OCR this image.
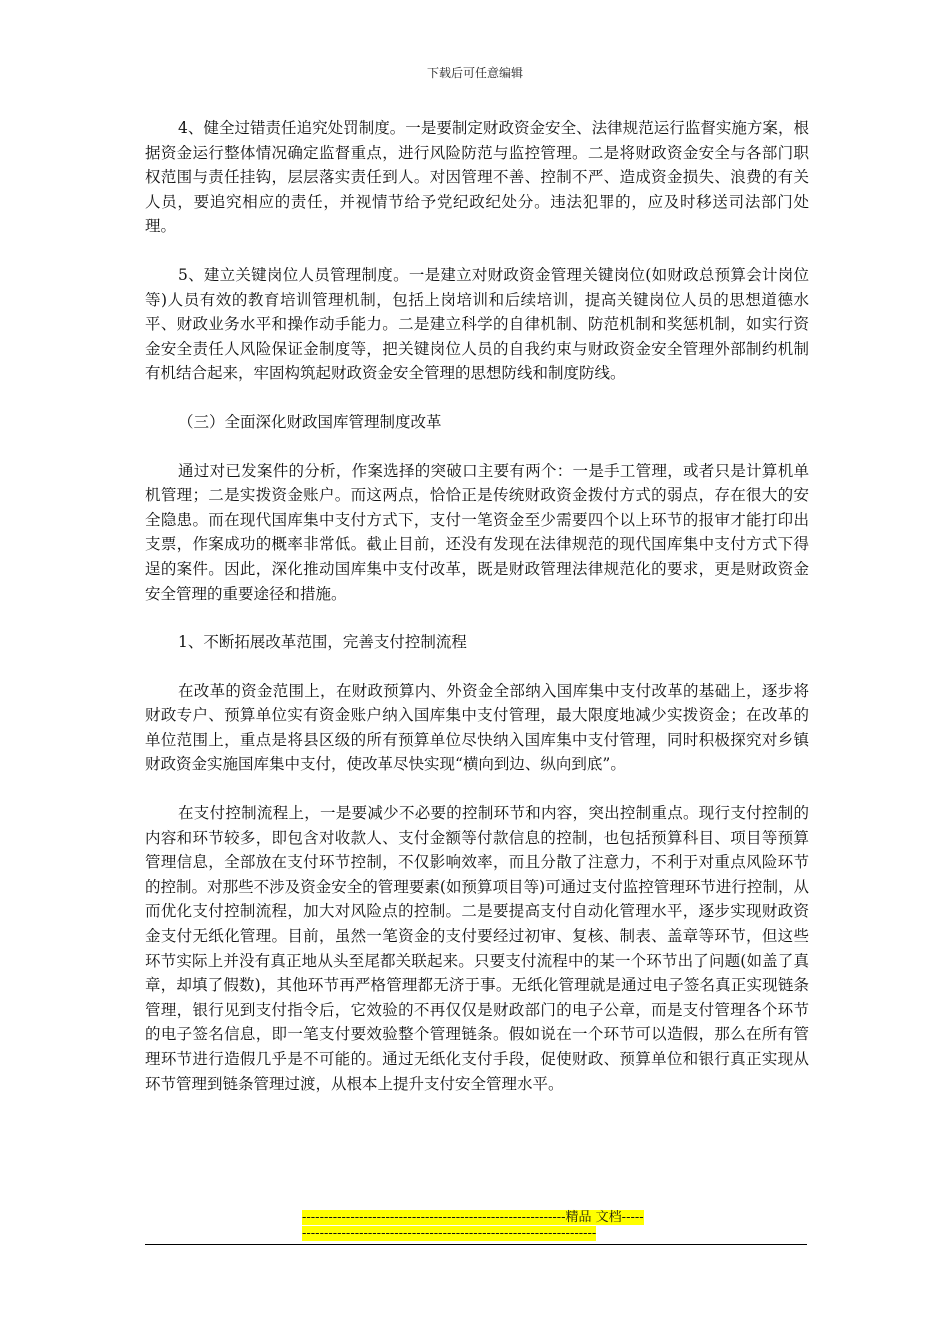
下载后可任意编辑

4、健全过错责任追究处罚制度。一是要制定财政资金安全、法律规范运行监督实施方案，根据资金运行整体情况确定监督重点，进行风险防范与监控管理。二是将财政资金安全与各部门职权范围与责任挂钩，层层落实责任到人。对因管理不善、控制不严、造成资金损失、浪费的有关人员，要追究相应的责任，并视情节给予党纪政纪处分。违法犯罪的，应及时移送司法部门处理。

5、建立关键岗位人员管理制度。一是建立对财政资金管理关键岗位(如财政总预算会计岗位等)人员有效的教育培训管理机制，包括上岗培训和后续培训，提高关键岗位人员的思想道德水平、财政业务水平和操作动手能力。二是建立科学的自律机制、防范机制和奖惩机制，如实行资金安全责任人风险保证金制度等，把关键岗位人员的自我约束与财政资金安全管理外部制约机制有机结合起来，牢固构筑起财政资金安全管理的思想防线和制度防线。

（三）全面深化财政国库管理制度改革

通过对已发案件的分析，作案选择的突破口主要有两个：一是手工管理，或者只是计算机单机管理；二是实拨资金账户。而这两点，恰恰正是传统财政资金拨付方式的弱点，存在很大的安全隐患。而在现代国库集中支付方式下，支付一笔资金至少需要四个以上环节的报审才能打印出支票，作案成功的概率非常低。截止目前，还没有发现在法律规范的现代国库集中支付方式下得逞的案件。因此，深化推动国库集中支付改革，既是财政管理法律规范化的要求，更是财政资金安全管理的重要途径和措施。

1、不断拓展改革范围，完善支付控制流程

在改革的资金范围上，在财政预算内、外资金全部纳入国库集中支付改革的基础上，逐步将财政专户、预算单位实有资金账户纳入国库集中支付管理，最大限度地减少实拨资金；在改革的单位范围上，重点是将县区级的所有预算单位尽快纳入国库集中支付管理，同时积极探究对乡镇财政资金实施国库集中支付，使改革尽快实现“横向到边、纵向到底”。

在支付控制流程上，一是要减少不必要的控制环节和内容，突出控制重点。现行支付控制的内容和环节较多，即包含对收款人、支付金额等付款信息的控制，也包括预算科目、项目等预算管理信息，全部放在支付环节控制，不仅影响效率，而且分散了注意力，不利于对重点风险环节的控制。对那些不涉及资金安全的管理要素(如预算项目等)可通过支付监控管理环节进行控制，从而优化支付控制流程，加大对风险点的控制。二是要提高支付自动化管理水平，逐步实现财政资金支付无纸化管理。目前，虽然一笔资金的支付要经过初审、复核、制表、盖章等环节，但这些环节实际上并没有真正地从头至尾都关联起来。只要支付流程中的某一个环节出了问题(如盖了真章，却填了假数)，其他环节再严格管理都无济于事。无纸化管理就是通过电子签名真正实现链条管理，银行见到支付指令后，它效验的不再仅仅是财政部门的电子公章，而是支付管理各个环节的电子签名信息，即一笔支付要效验整个管理链条。假如说在一个环节可以造假，那么在所有管理环节进行造假几乎是不可能的。通过无纸化支付手段，促使财政、预算单位和银行真正实现从环节管理到链条管理过渡，从根本上提升支付安全管理水平。

------------------------------------------------------------精品 文档------------------------------------------------------------------------
